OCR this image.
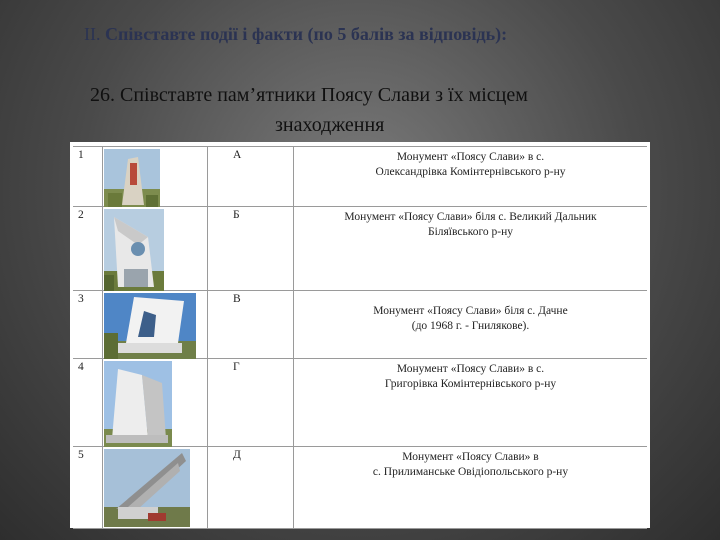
II. Співставте події і факти (по 5 балів за відповідь):
26. Співставте пам’ятники Поясу Слави з їх місцем
знаходження
1		А	Монумент «Поясу Слави» в с.
Олександрівка Комінтернівського р-ну

2		Б	Монумент «Поясу Слави» біля с. Великий Дальник
Біляївського р-ну

3		В	Монумент «Поясу Слави» біля с. Дачне
(до 1968 г. - Гнилякове).

4		Г	Монумент «Поясу Слави» в с.
Григорівка Комінтернівського р-ну

5		Д	Монумент «Поясу Слави» в
с. Прилиманське Овідіопольського р-ну
